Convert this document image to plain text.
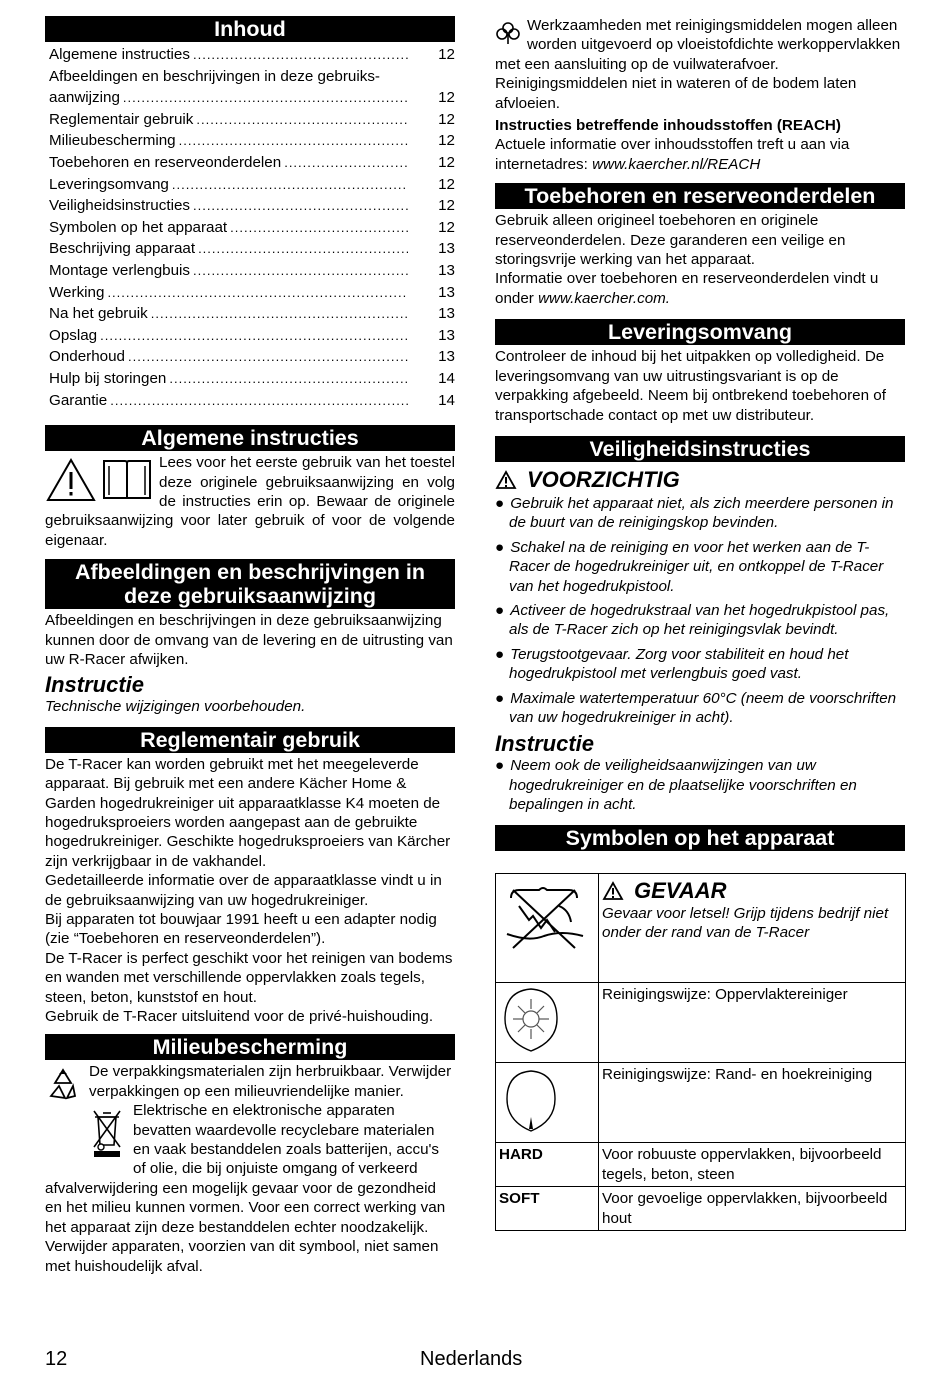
Inhoud
Algemene instructies .....	12
Afbeeldingen en beschrijvingen in deze gebruiks-
aanwijzing .....	12
Reglementair gebruik .....	12
Milieubescherming .....	12
Toebehoren en reserveonderdelen .....	12
Leveringsomvang .....	12
Veiligheidsinstructies .....	12
Symbolen op het apparaat .....	12
Beschrijving apparaat .....	13
Montage verlengbuis .....	13
Werking .....	13
Na het gebruik .....	13
Opslag .....	13
Onderhoud .....	13
Hulp bij storingen .....	14
Garantie .....	14
Algemene instructies

Lees voor het eerste gebruik van het toestel deze originele gebruiksaanwijzing en volg de instructies erin op. Bewaar de originele gebruiksaanwijzing voor later gebruik of voor de volgende eigenaar.

Afbeeldingen en beschrijvingen in
deze gebruiksaanwijzing

Afbeeldingen en beschrijvingen in deze gebruiksaanwijzing kunnen door de omvang van de levering en de uitrusting van uw R-Racer afwijken.

Instructie

Technische wijzigingen voorbehouden.

Reglementair gebruik

De T-Racer kan worden gebruikt met het meegeleverde apparaat. Bij gebruik met een andere Kächer Home & Garden hogedrukreiniger uit apparaatklasse K4 moeten de hogedruksproeiers worden aangepast aan de gebruikte hogedrukreiniger. Geschikte hogedruksproeiers van Kärcher zijn verkrijgbaar in de vakhandel.

Gedetailleerde informatie over de apparaatklasse vindt u in de gebruiksaanwijzing van uw hogedrukreiniger.

Bij apparaten tot bouwjaar 1991 heeft u een adapter nodig (zie “Toebehoren en reserveonderdelen”).

De T-Racer is perfect geschikt voor het reinigen van bodems en wanden met verschillende oppervlakken zoals tegels, steen, beton, kunststof en hout.

Gebruik de T-Racer uitsluitend voor de privé-huishouding.

Milieubescherming

De verpakkingsmaterialen zijn herbruikbaar. Verwijder verpakkingen op een milieuvriendelijke manier.

Elektrische en elektronische apparaten bevatten waardevolle recyclebare materialen en vaak bestanddelen zoals batterijen, accu's of olie, die bij onjuiste omgang of verkeerd afvalverwijdering een mogelijk gevaar voor de gezondheid en het milieu kunnen vormen. Voor een correct werking van het apparaat zijn deze bestanddelen echter noodzakelijk. Verwijder apparaten, voorzien van dit symbool, niet samen met huishoudelijk afval.

Werkzaamheden met reinigingsmiddelen mogen alleen worden uitgevoerd op vloeistofdichte werkoppervlakken met een aansluiting op de vuilwaterafvoer. Reinigingsmiddelen niet in wateren of de bodem laten afvloeien.

Instructies betreffende inhoudsstoffen (REACH)

Actuele informatie over inhoudsstoffen treft u aan via internetadres: www.kaercher.nl/REACH

Toebehoren en reserveonderdelen

Gebruik alleen origineel toebehoren en originele reserveonderdelen. Deze garanderen een veilige en storingsvrije werking van het apparaat.

Informatie over toebehoren en reserveonderdelen vindt u onder www.kaercher.com.

Leveringsomvang

Controleer de inhoud bij het uitpakken op volledigheid. De leveringsomvang van uw uitrustingsvariant is op de verpakking afgebeeld. Neem bij ontbrekend toebehoren of transportschade contact op met uw distributeur.

Veiligheidsinstructies
VOORZICHTIG
● Gebruik het apparaat niet, als zich meerdere personen in de buurt van de reinigingskop bevinden.
● Schakel na de reiniging en voor het werken aan de T-Racer de hogedrukreiniger uit, en ontkoppel de T-Racer van het hogedrukpistool.
● Activeer de hogedrukstraal van het hogedrukpistool pas, als de T-Racer zich op het reinigingsvlak bevindt.
● Terugstootgevaar. Zorg voor stabiliteit en houd het hogedrukpistool met verlengbuis goed vast.
● Maximale watertemperatuur 60°C (neem de voorschriften van uw hogedrukreiniger in acht).
Instructie
● Neem ook de veiligheidsaanwijzingen van uw hogedrukreiniger en de plaatselijke voorschriften en bepalingen in acht.
Symbolen op het apparaat

GEVAAR

Gevaar voor letsel! Grijp tijdens bedrijf niet onder der rand van de T-Racer

	Reinigingswijze: Oppervlaktereiniger
	Reinigingswijze: Rand- en hoekreiniging
HARD	Voor robuuste oppervlakken, bijvoorbeeld tegels, beton, steen
SOFT	Voor gevoelige oppervlakken, bijvoorbeeld hout
12	Nederlands
